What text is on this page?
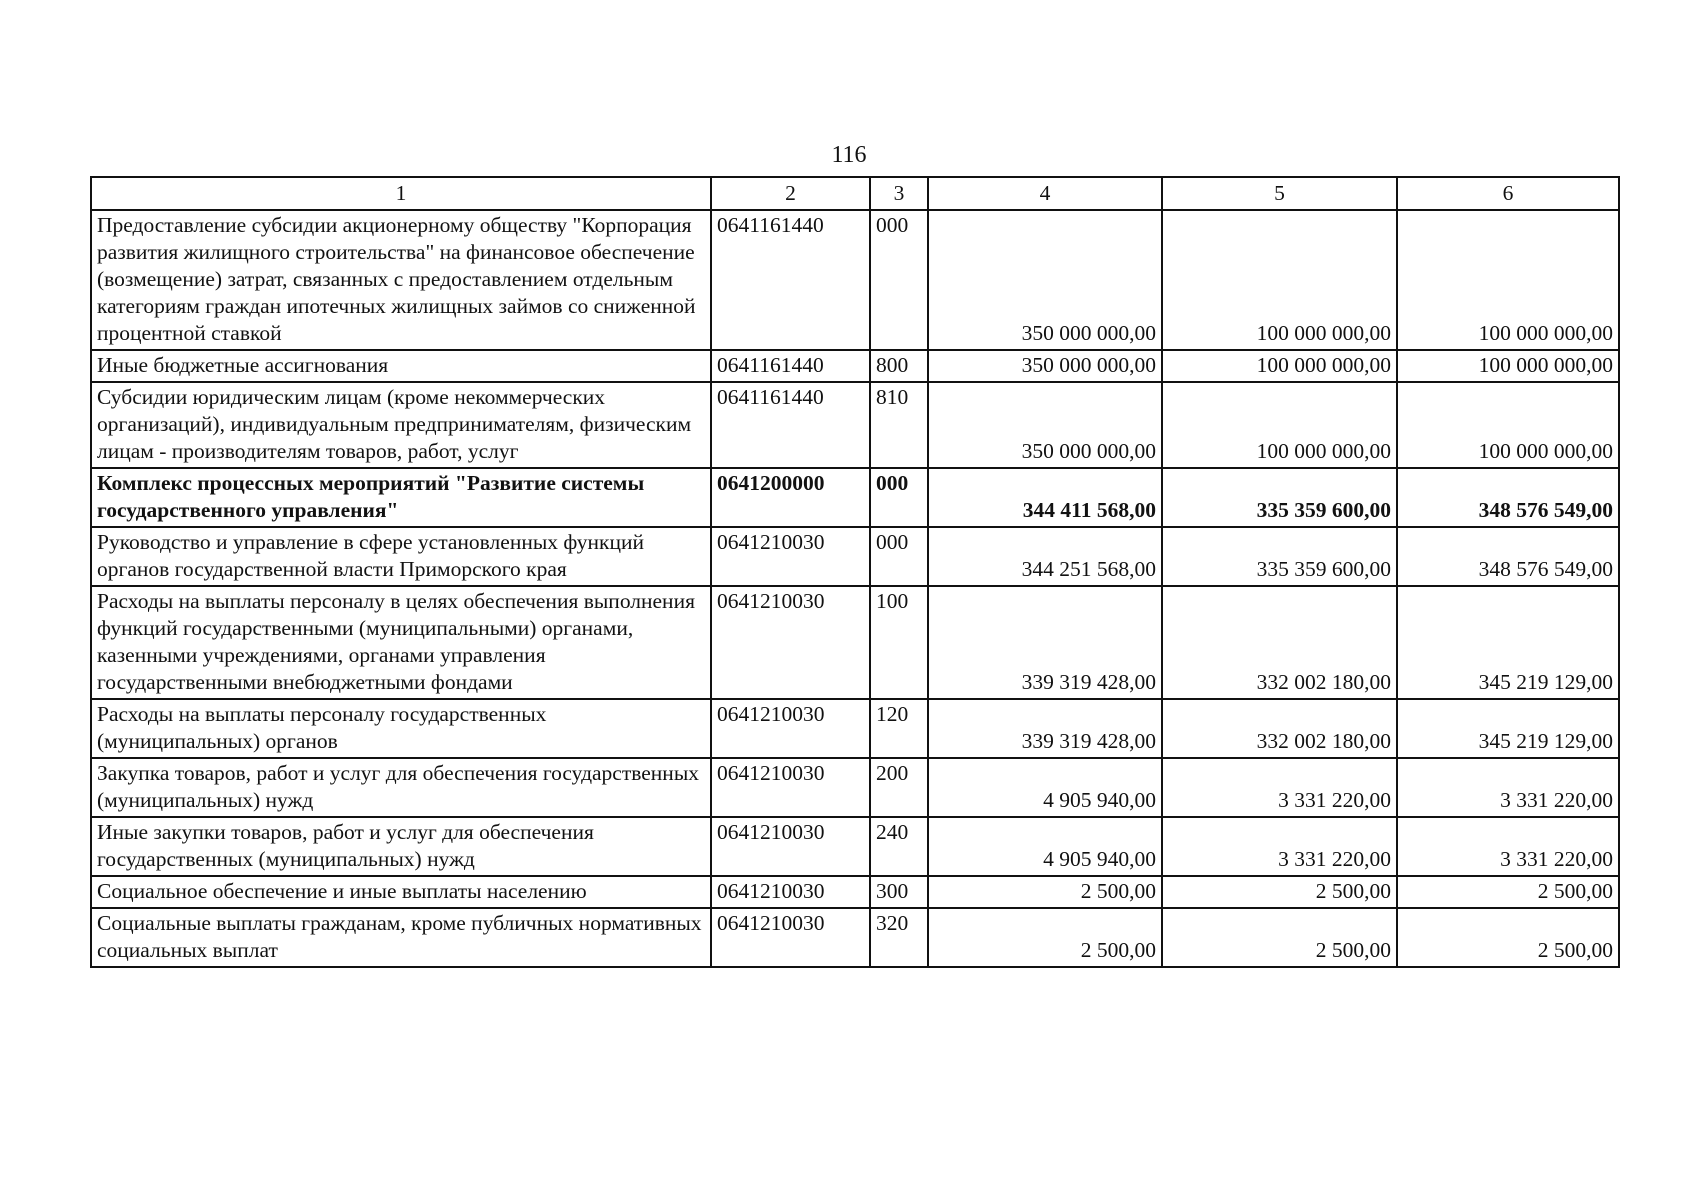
116
1	2	3	4	5	6
Предоставление субсидии акционерному обществу "Корпорация развития жилищного строительства" на финансовое обеспечение (возмещение) затрат, связанных с предоставлением отдельным категориям граждан ипотечных жилищных займов со сниженной процентной ставкой	0641161440	000	350 000 000,00	100 000 000,00	100 000 000,00
Иные бюджетные ассигнования	0641161440	800	350 000 000,00	100 000 000,00	100 000 000,00
Субсидии юридическим лицам (кроме некоммерческих организаций), индивидуальным предпринимателям, физическим лицам - производителям товаров, работ, услуг	0641161440	810	350 000 000,00	100 000 000,00	100 000 000,00
Комплекс процессных мероприятий "Развитие системы государственного управления"	0641200000	000	344 411 568,00	335 359 600,00	348 576 549,00
Руководство и управление в сфере установленных функций органов государственной власти Приморского края	0641210030	000	344 251 568,00	335 359 600,00	348 576 549,00
Расходы на выплаты персоналу в целях обеспечения выполнения функций государственными (муниципальными) органами, казенными учреждениями, органами управления государственными внебюджетными фондами	0641210030	100	339 319 428,00	332 002 180,00	345 219 129,00
Расходы на выплаты персоналу государственных (муниципальных) органов	0641210030	120	339 319 428,00	332 002 180,00	345 219 129,00
Закупка товаров, работ и услуг для обеспечения государственных (муниципальных) нужд	0641210030	200	4 905 940,00	3 331 220,00	3 331 220,00
Иные закупки товаров, работ и услуг для обеспечения государственных (муниципальных) нужд	0641210030	240	4 905 940,00	3 331 220,00	3 331 220,00
Социальное обеспечение и иные выплаты населению	0641210030	300	2 500,00	2 500,00	2 500,00
Социальные выплаты гражданам, кроме публичных нормативных социальных выплат	0641210030	320	2 500,00	2 500,00	2 500,00
